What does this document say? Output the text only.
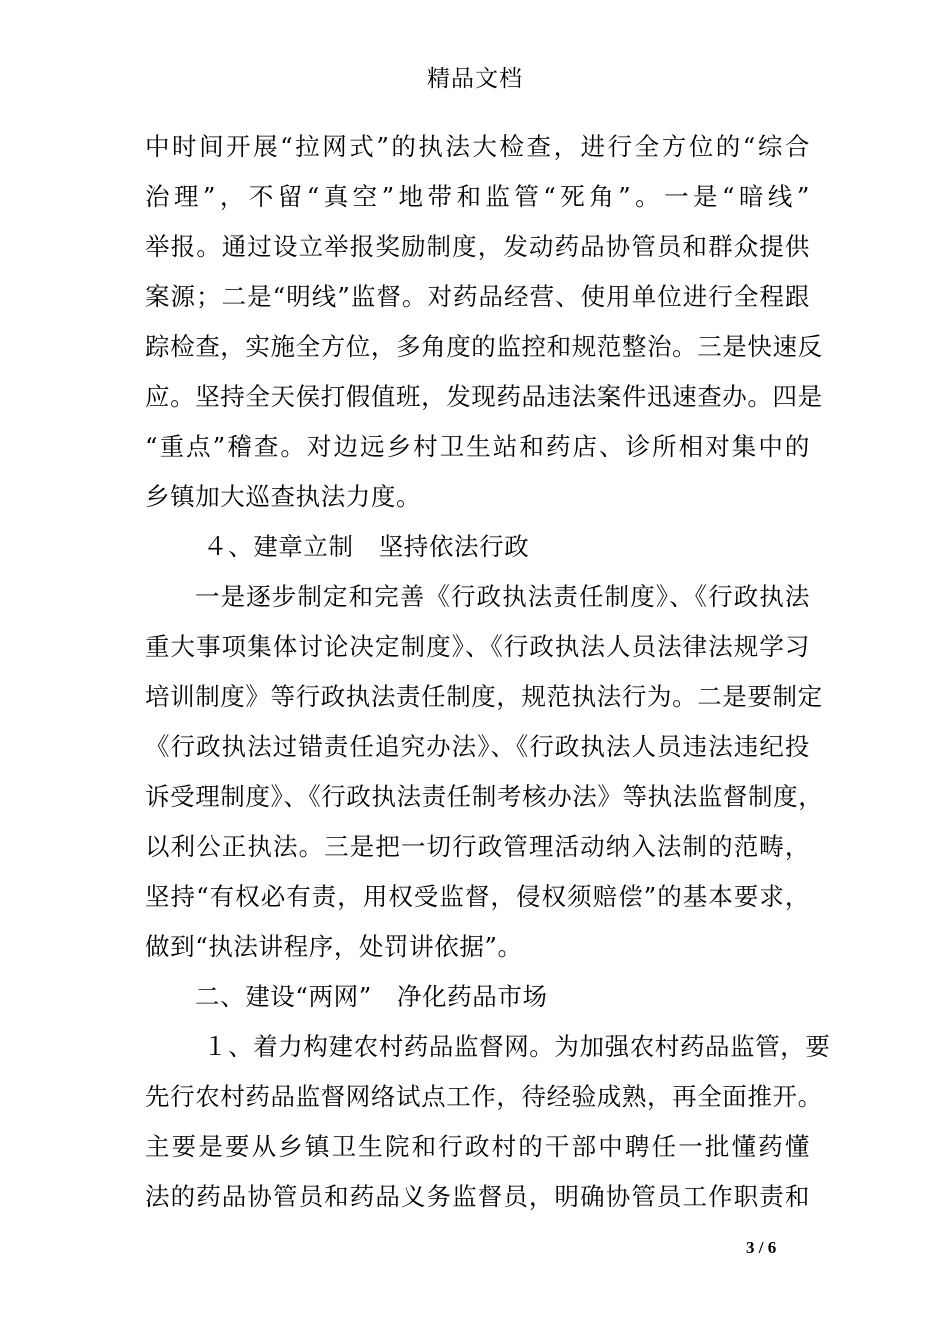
精品文档
中时间开展“拉网式”的执法大检查，进行全方位的“综合
治理”，不留“真空”地带和监管“死角”。一是“暗线”
举报。通过设立举报奖励制度，发动药品协管员和群众提供
案源；二是“明线”监督。对药品经营、使用单位进行全程跟
踪检查，实施全方位，多角度的监控和规范整治。三是快速反
应。坚持全天侯打假值班，发现药品违法案件迅速查办。四是
“重点”稽查。对边远乡村卫生站和药店、诊所相对集中的
乡镇加大巡查执法力度。
４、建章立制　坚持依法行政
一是逐步制定和完善《行政执法责任制度》、《行政执法
重大事项集体讨论决定制度》、《行政执法人员法律法规学习
培训制度》等行政执法责任制度，规范执法行为。二是要制定
《行政执法过错责任追究办法》、《行政执法人员违法违纪投
诉受理制度》、《行政执法责任制考核办法》等执法监督制度，
以利公正执法。三是把一切行政管理活动纳入法制的范畴，
坚持“有权必有责，用权受监督，侵权须赔偿”的基本要求，
做到“执法讲程序，处罚讲依据”。
二、建设“两网”　净化药品市场
１、着力构建农村药品监督网。为加强农村药品监管，要
先行农村药品监督网络试点工作，待经验成熟，再全面推开。
主要是要从乡镇卫生院和行政村的干部中聘任一批懂药懂
法的药品协管员和药品义务监督员，明确协管员工作职责和
3 / 6
